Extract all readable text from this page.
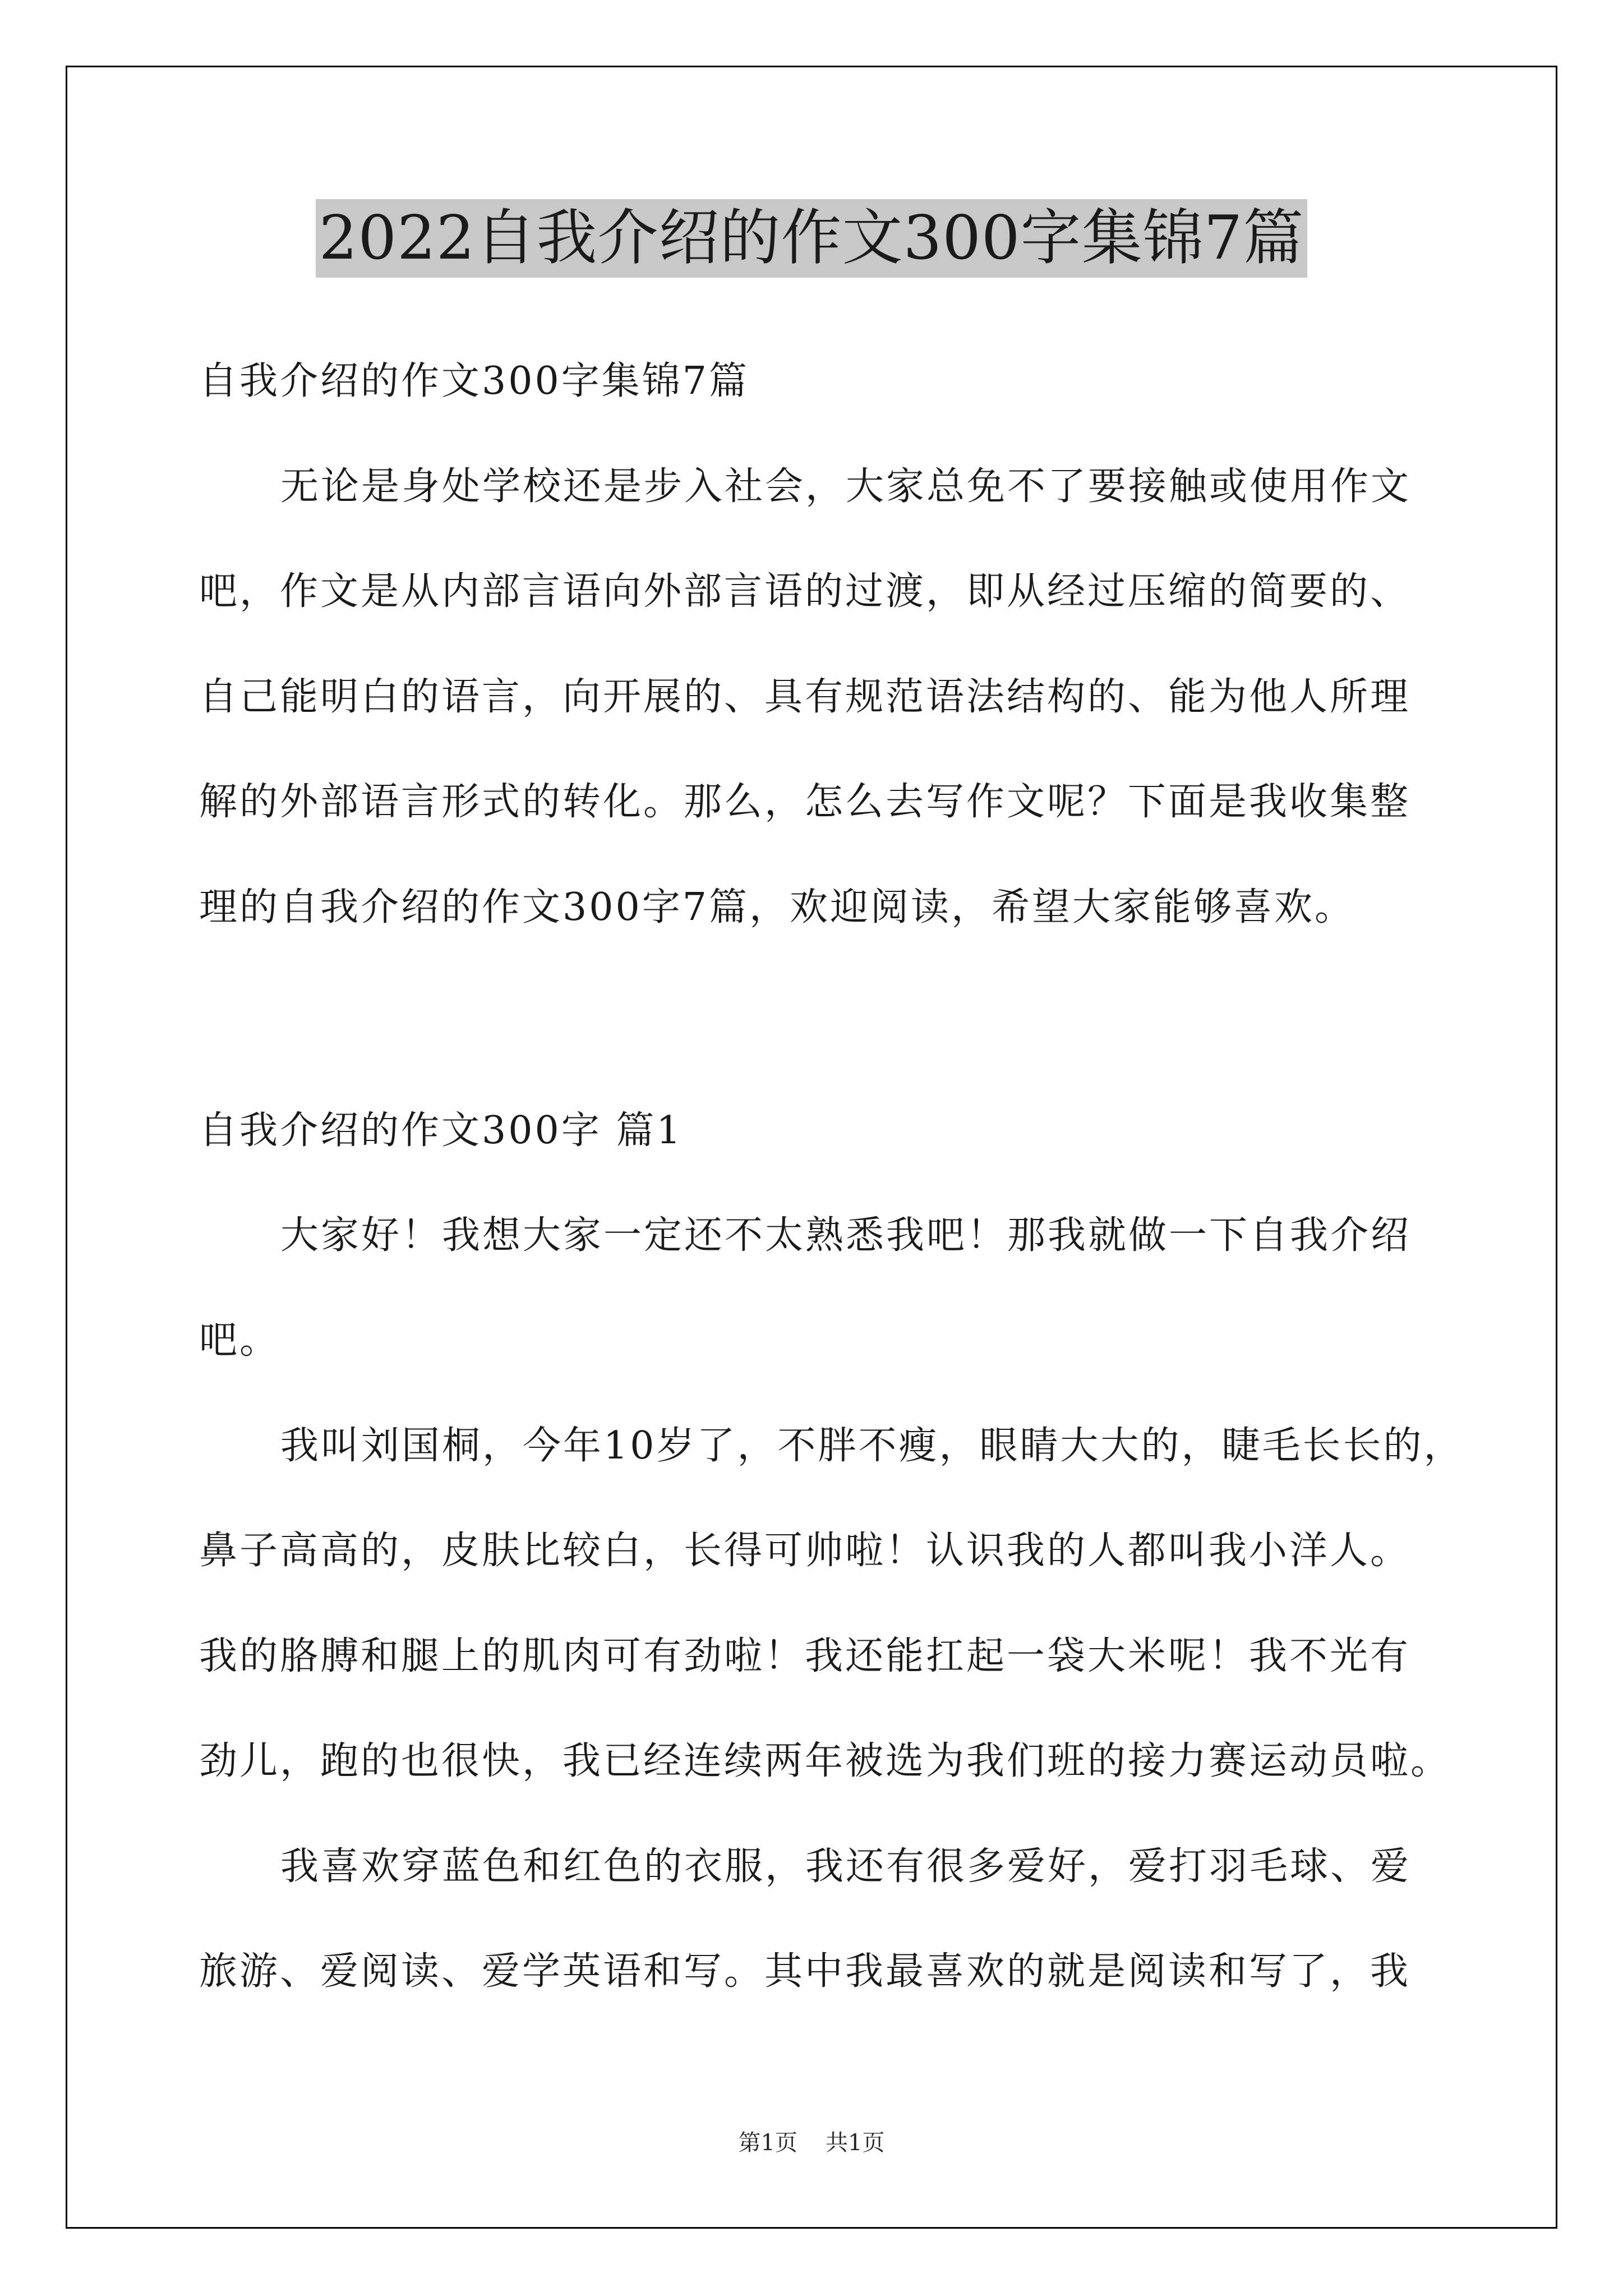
2022自我介绍的作文300字集锦7篇
自我介绍的作文300字集锦7篇
无论是身处学校还是步入社会，大家总免不了要接触或使用作文
吧，作文是从内部言语向外部言语的过渡，即从经过压缩的简要的、
自己能明白的语言，向开展的、具有规范语法结构的、能为他人所理
解的外部语言形式的转化。那么，怎么去写作文呢？下面是我收集整
理的自我介绍的作文300字7篇，欢迎阅读，希望大家能够喜欢。
自我介绍的作文300字 篇1
大家好！我想大家一定还不太熟悉我吧！那我就做一下自我介绍
吧。
我叫刘国桐，今年10岁了，不胖不瘦，眼睛大大的，睫毛长长的，
鼻子高高的，皮肤比较白，长得可帅啦！认识我的人都叫我小洋人。
我的胳膊和腿上的肌肉可有劲啦！我还能扛起一袋大米呢！我不光有
劲儿，跑的也很快，我已经连续两年被选为我们班的接力赛运动员啦。
我喜欢穿蓝色和红色的衣服，我还有很多爱好，爱打羽毛球、爱
旅游、爱阅读、爱学英语和写。其中我最喜欢的就是阅读和写了，我
第1页 共1页
